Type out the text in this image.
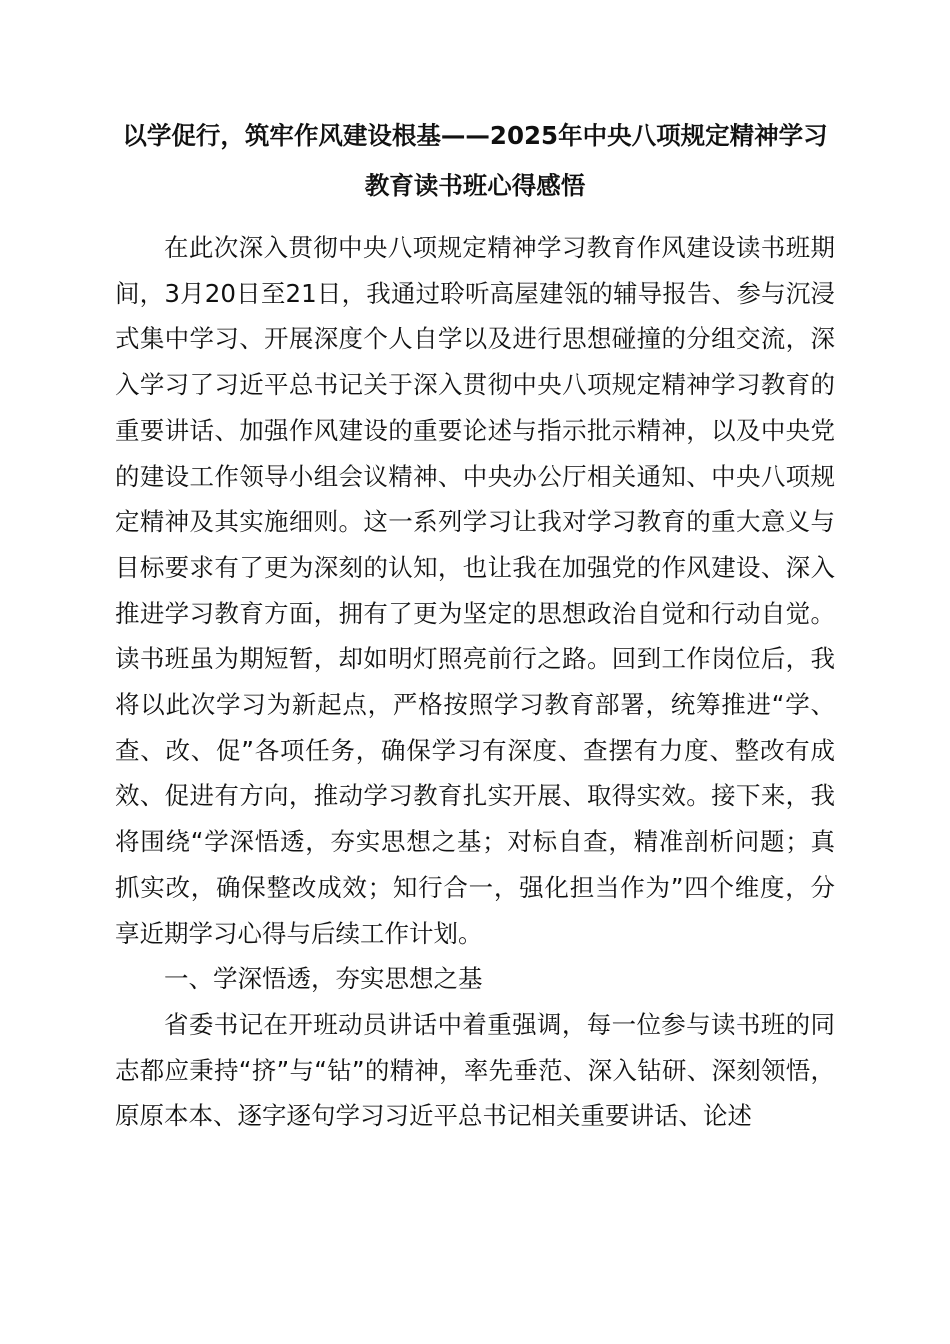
以学促行，筑牢作风建设根基——2025年中央八项规定精神学习教育读书班心得感悟

在此次深入贯彻中央八项规定精神学习教育作风建设读书班期间，3月20日至21日，我通过聆听高屋建瓴的辅导报告、参与沉浸式集中学习、开展深度个人自学以及进行思想碰撞的分组交流，深入学习了习近平总书记关于深入贯彻中央八项规定精神学习教育的重要讲话、加强作风建设的重要论述与指示批示精神，以及中央党的建设工作领导小组会议精神、中央办公厅相关通知、中央八项规定精神及其实施细则。这一系列学习让我对学习教育的重大意义与目标要求有了更为深刻的认知，也让我在加强党的作风建设、深入推进学习教育方面，拥有了更为坚定的思想政治自觉和行动自觉。读书班虽为期短暂，却如明灯照亮前行之路。回到工作岗位后，我将以此次学习为新起点，严格按照学习教育部署，统筹推进“学、查、改、促”各项任务，确保学习有深度、查摆有力度、整改有成效、促进有方向，推动学习教育扎实开展、取得实效。接下来，我将围绕“学深悟透，夯实思想之基；对标自查，精准剖析问题；真抓实改，确保整改成效；知行合一，强化担当作为”四个维度，分享近期学习心得与后续工作计划。

一、学深悟透，夯实思想之基

省委书记在开班动员讲话中着重强调，每一位参与读书班的同志都应秉持“挤”与“钻”的精神，率先垂范、深入钻研、深刻领悟，原原本本、逐字逐句学习习近平总书记相关重要讲话、论述
